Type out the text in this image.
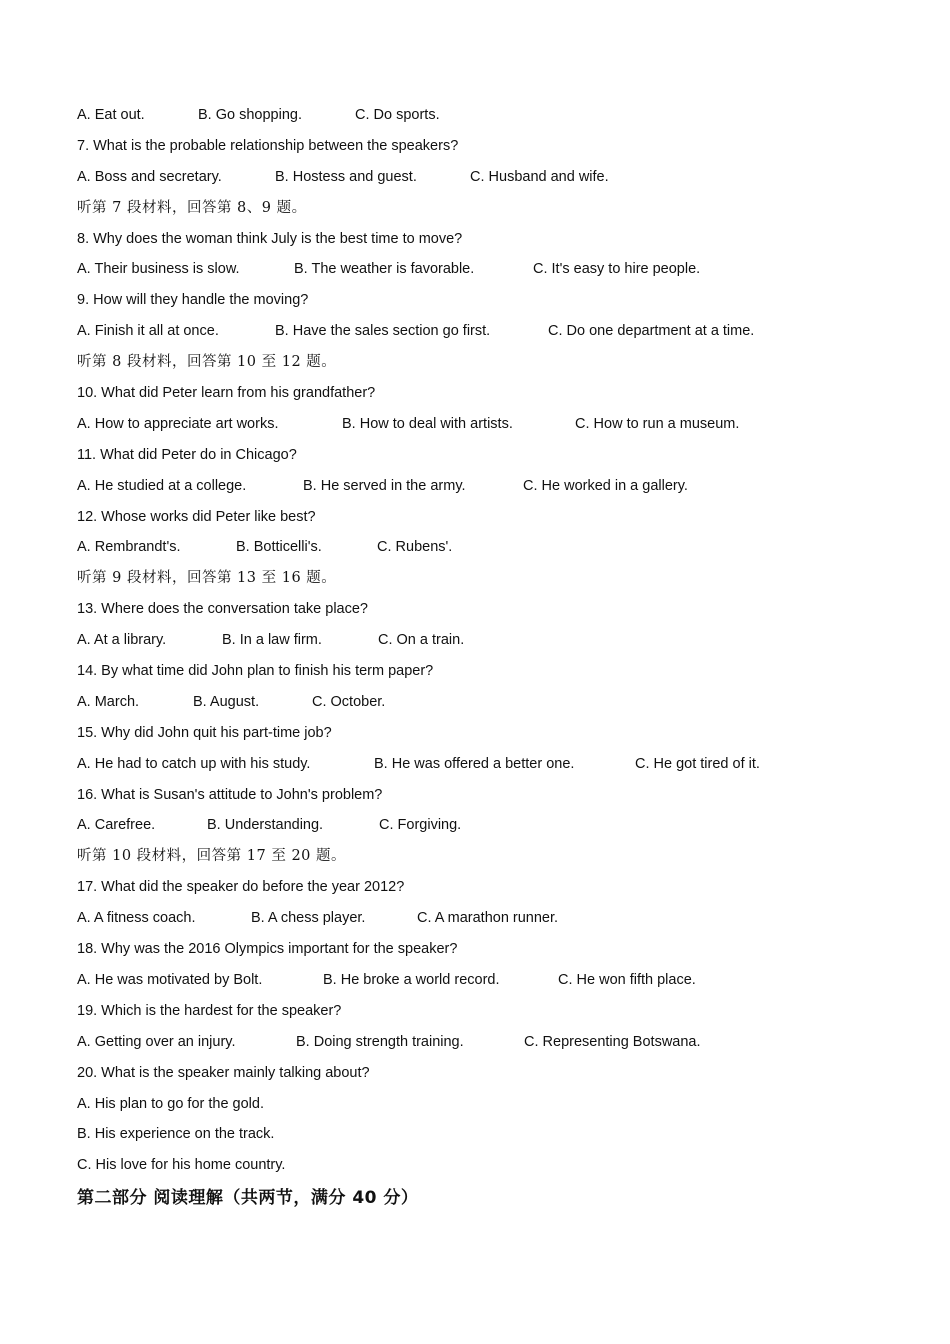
A. Eat out.	B. Go shopping.	C. Do sports.
7. What is the probable relationship between the speakers?
A. Boss and secretary.	B. Hostess and guest.	C. Husband and wife.
听第 7 段材料，回答第 8、9 题。
8. Why does the woman think July is the best time to move?
A. Their business is slow.	B. The weather is favorable.	C. It's easy to hire people.
9. How will they handle the moving?
A. Finish it all at once.	B. Have the sales section go first.	C. Do one department at a time.
听第 8 段材料，回答第 10 至 12 题。
10. What did Peter learn from his grandfather?
A. How to appreciate art works.	B. How to deal with artists.	C. How to run a museum.
11. What did Peter do in Chicago?
A. He studied at a college.	B. He served in the army.	C. He worked in a gallery.
12. Whose works did Peter like best?
A. Rembrandt's.	B. Botticelli's.	C. Rubens'.
听第 9 段材料，回答第 13 至 16 题。
13. Where does the conversation take place?
A. At a library.	B. In a law firm.	C. On a train.
14. By what time did John plan to finish his term paper?
A. March.	B. August.	C. October.
15. Why did John quit his part-time job?
A. He had to catch up with his study.	B. He was offered a better one.	C. He got tired of it.
16. What is Susan's attitude to John's problem?
A. Carefree.	B. Understanding.	C. Forgiving.
听第 10 段材料，回答第 17 至 20 题。
17. What did the speaker do before the year 2012?
A. A fitness coach.	B. A chess player.	C. A marathon runner.
18. Why was the 2016 Olympics important for the speaker?
A. He was motivated by Bolt.	B. He broke a world record.	C. He won fifth place.
19. Which is the hardest for the speaker?
A. Getting over an injury.	B. Doing strength training.	C. Representing Botswana.
20. What is the speaker mainly talking about?
A. His plan to go for the gold.
B. His experience on the track.
C. His love for his home country.
第二部分 阅读理解（共两节，满分 40 分）
